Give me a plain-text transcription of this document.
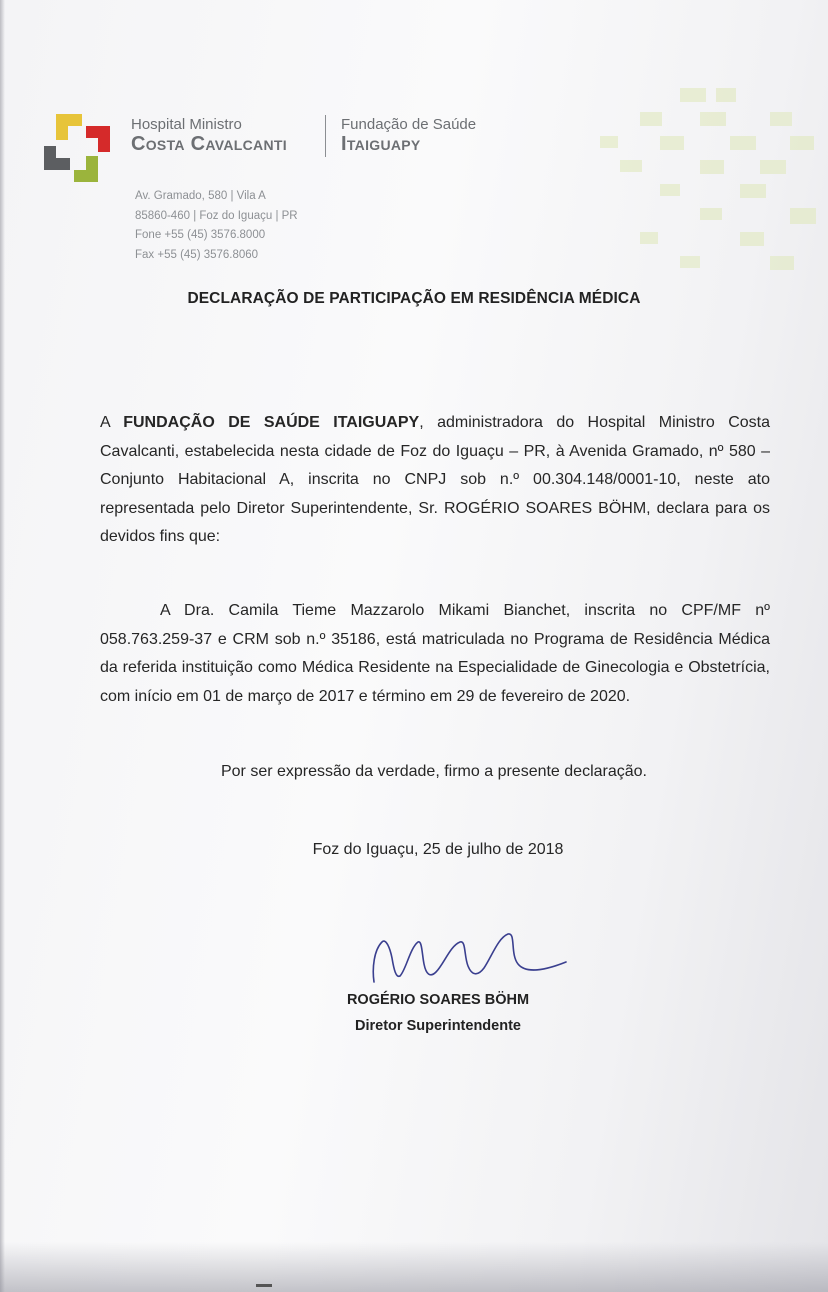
Hospital Ministro
Costa Cavalcanti
Fundação de Saúde
Itaiguapy
Av. Gramado, 580 | Vila A
85860-460 | Foz do Iguaçu | PR
Fone +55 (45) 3576.8000
Fax +55 (45) 3576.8060
DECLARAÇÃO DE PARTICIPAÇÃO EM RESIDÊNCIA MÉDICA

A FUNDAÇÃO DE SAÚDE ITAIGUAPY, administradora do Hospital Ministro Costa Cavalcanti, estabelecida nesta cidade de Foz do Iguaçu – PR, à Avenida Gramado, nº 580 – Conjunto Habitacional A, inscrita no CNPJ sob n.º 00.304.148/0001-10, neste ato representada pelo Diretor Superintendente, Sr. ROGÉRIO SOARES BÖHM, declara para os devidos fins que:

A Dra. Camila Tieme Mazzarolo Mikami Bianchet, inscrita no CPF/MF nº 058.763.259-37 e CRM sob n.º 35186, está matriculada no Programa de Residência Médica da referida instituição como Médica Residente na Especialidade de Ginecologia e Obstetrícia, com início em 01 de março de 2017 e término em 29 de fevereiro de 2020.

Por ser expressão da verdade, firmo a presente declaração.

Foz do Iguaçu, 25 de julho de 2018

ROGÉRIO SOARES BÖHM

Diretor Superintendente
